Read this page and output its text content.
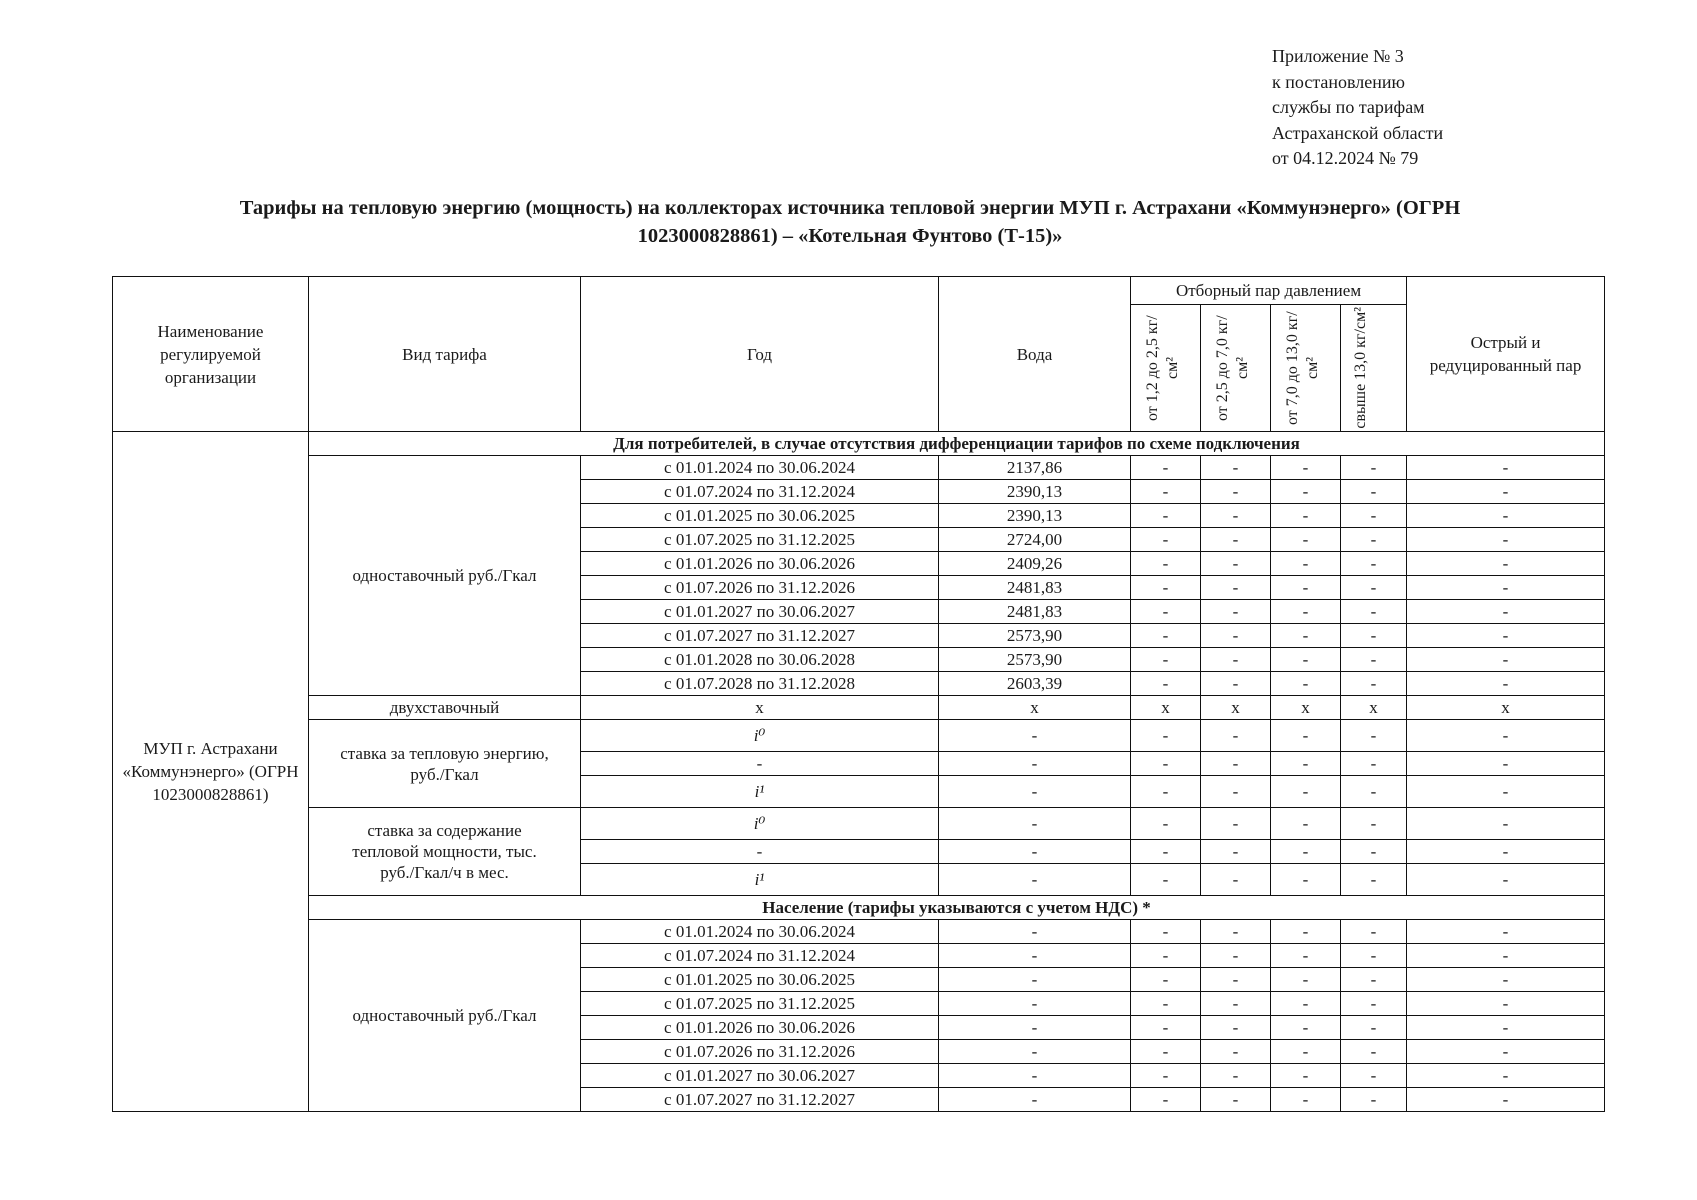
Приложение № 3
к постановлению
службы по тарифам
Астраханской области
от 04.12.2024 № 79
Тарифы на тепловую энергию (мощность) на коллекторах источника тепловой энергии МУП г. Астрахани «Коммунэнерго» (ОГРН
1023000828861) – «Котельная Фунтово (Т-15)»
Наименование регулируемой организации	Вид тарифа	Год	Вода	Отборный пар давлением				Острый и редуцированный пар

				от 1,2 до 2,5 кг/см²	от 2,5 до 7,0 кг/см²	от 7,0 до 13,0 кг/см²	свыше 13,0 кг/см²	

МУП г. Астрахани «Коммунэнерго» (ОГРН 1023000828861)	Для потребителей, в случае отсутствия дифференциации тарифов по схеме подключения							
	одноставочный руб./Гкал	с 01.01.2024 по 30.06.2024	2137,86	-	-	-	-	-
		с 01.07.2024 по 31.12.2024	2390,13	-	-	-	-	-
		с 01.01.2025 по 30.06.2025	2390,13	-	-	-	-	-
		с 01.07.2025 по 31.12.2025	2724,00	-	-	-	-	-
		с 01.01.2026 по 30.06.2026	2409,26	-	-	-	-	-
		с 01.07.2026 по 31.12.2026	2481,83	-	-	-	-	-
		с 01.01.2027 по 30.06.2027	2481,83	-	-	-	-	-
		с 01.07.2027 по 31.12.2027	2573,90	-	-	-	-	-
		с 01.01.2028 по 30.06.2028	2573,90	-	-	-	-	-
		с 01.07.2028 по 31.12.2028	2603,39	-	-	-	-	-
	двухставочный	x	x	x	x	x	x	x
	ставка за тепловую энергию, руб./Гкал	i⁰	-	-	-	-	-	-
		-	-	-	-	-	-	-
		i¹	-	-	-	-	-	-
	ставка за содержание тепловой мощности, тыс. руб./Гкал/ч в мес.	i⁰	-	-	-	-	-	-
		-	-	-	-	-	-	-
		i¹	-	-	-	-	-	-
	Население (тарифы указываются с учетом НДС) *							
	одноставочный руб./Гкал	с 01.01.2024 по 30.06.2024	-	-	-	-	-	-
		с 01.07.2024 по 31.12.2024	-	-	-	-	-	-
		с 01.01.2025 по 30.06.2025	-	-	-	-	-	-
		с 01.07.2025 по 31.12.2025	-	-	-	-	-	-
		с 01.01.2026 по 30.06.2026	-	-	-	-	-	-
		с 01.07.2026 по 31.12.2026	-	-	-	-	-	-
		с 01.01.2027 по 30.06.2027	-	-	-	-	-	-
		с 01.07.2027 по 31.12.2027	-	-	-	-	-	-
